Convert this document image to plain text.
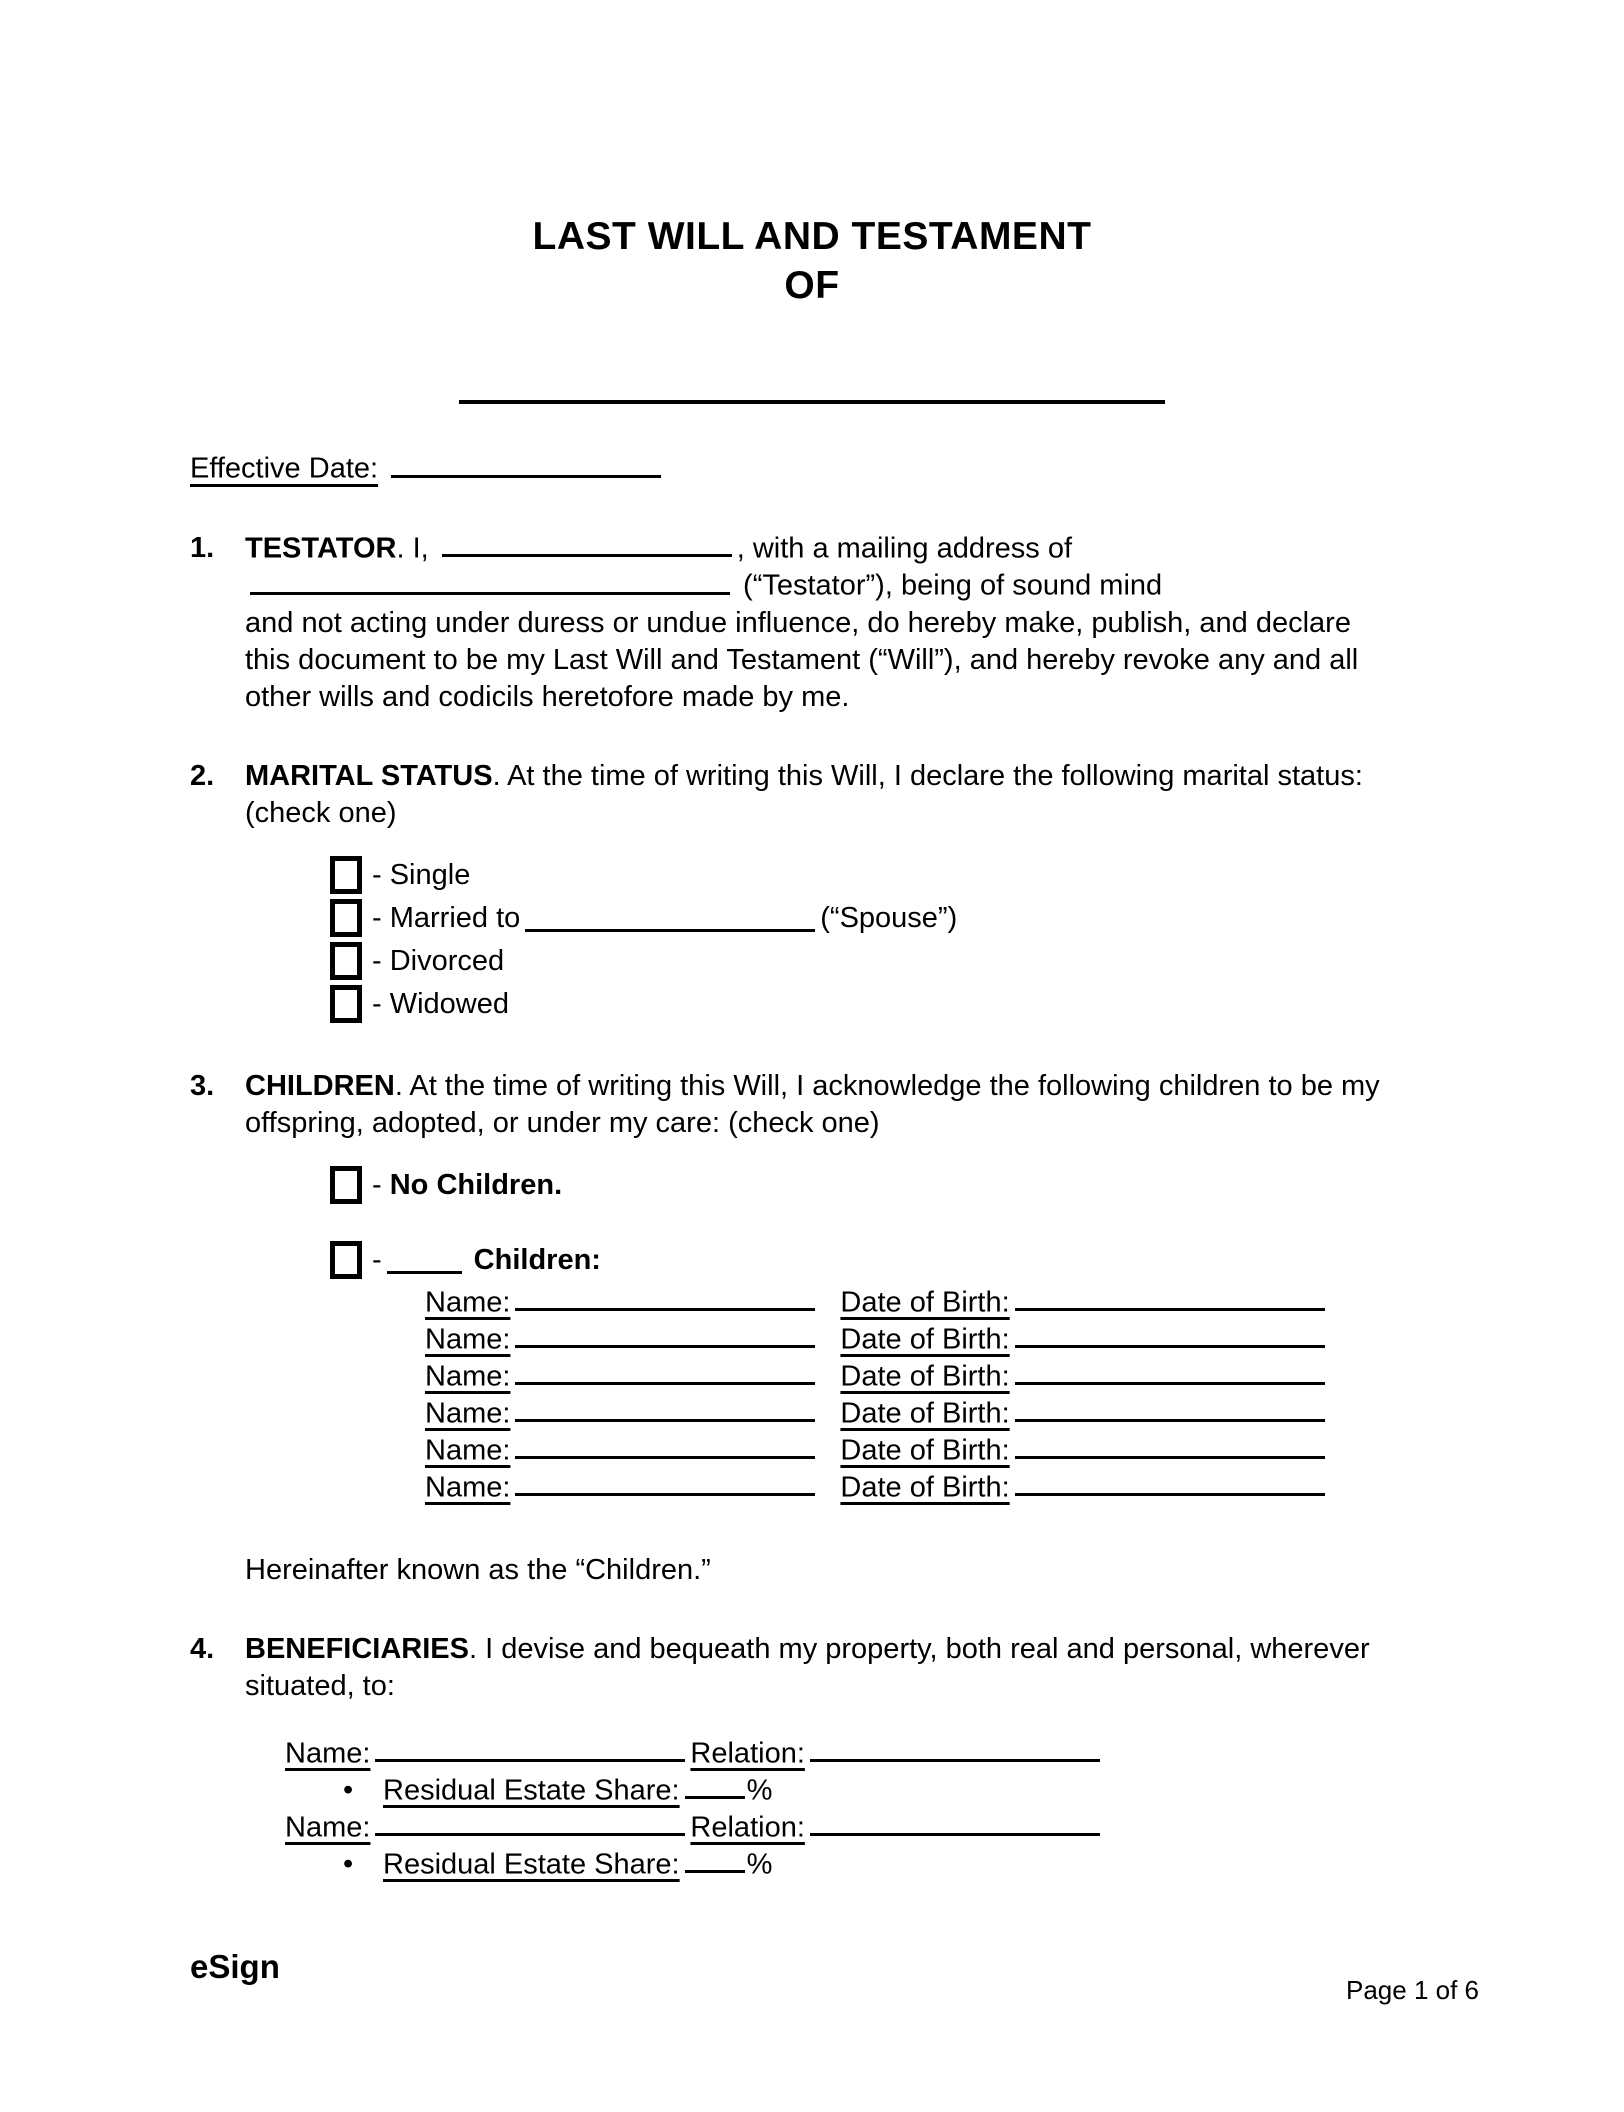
LAST WILL AND TESTAMENT
OF
Effective Date:
1.	TESTATOR. I,	, with a mailing address of  (“Testator”), being of sound mind
and not acting under duress or undue influence, do hereby make, publish, and declare this document to be my Last Will and Testament (“Will”), and hereby revoke any and all other wills and codicils heretofore made by me.
2.	MARITAL STATUS. At the time of writing this Will, I declare the following marital status: (check one)
- Single
- Married to	(“Spouse”)
- Divorced
- Widowed
3.	CHILDREN. At the time of writing this Will, I acknowledge the following children to be my offspring, adopted, or under my care: (check one)
-
No Children.
-	Children:
Name:	Date of Birth:
Name:	Date of Birth:
Name:	Date of Birth:
Name:	Date of Birth:
Name:	Date of Birth:
Name:	Date of Birth:
Hereinafter known as the “Children.”
4.	BENEFICIARIES. I devise and bequeath my property, both real and personal, wherever situated, to:
Name:	Relation:
• Residual Estate Share: %
Name:	Relation:
• Residual Estate Share: %
eSign
Page 1 of 6
